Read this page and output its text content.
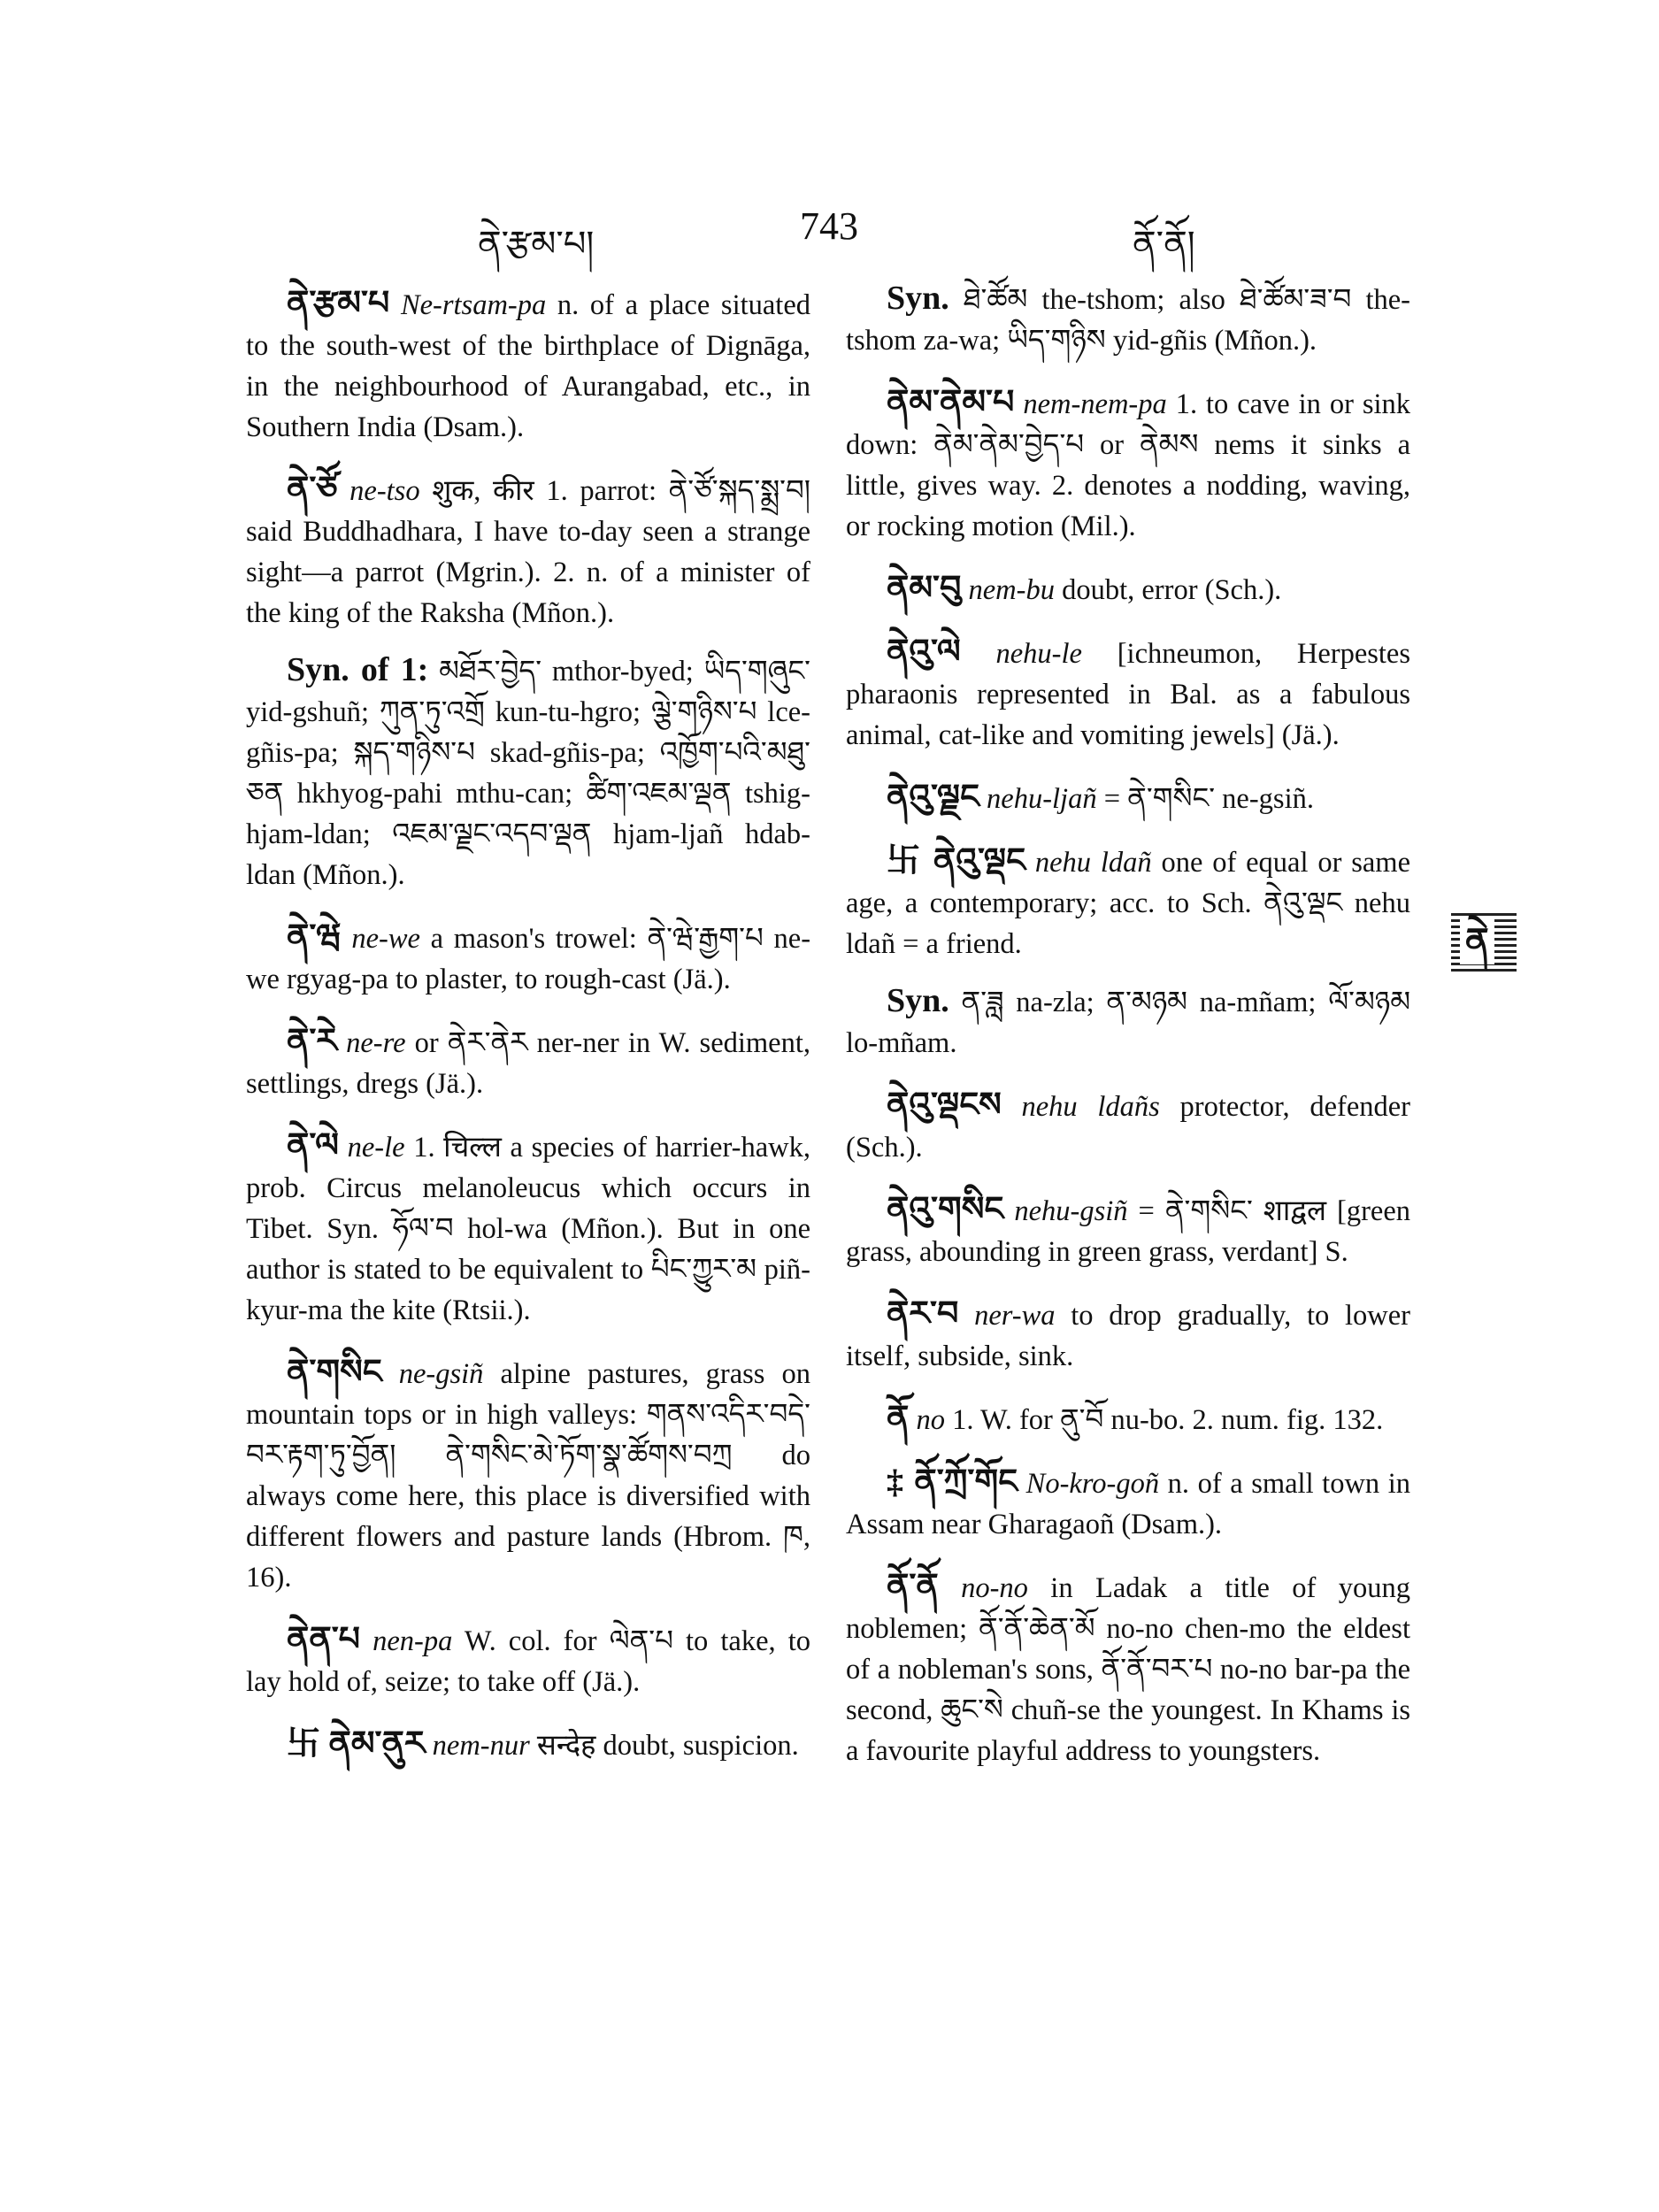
ནེ་རྩམ་པ།	743	ནོ་ནོ།

ནེ་རྩམ་པ Ne-rtsam-pa n. of a place situated to the south-west of the birthplace of Dignāga, in the neighbourhood of Aurangabad, etc., in Southern India (Dsam.).

ནེ་ཙོ ne-tso शुक, कीर 1. parrot: ནེ་ཙོ་སྐད་སྨྲ་བ། said Buddhadhara, I have to-day seen a strange sight—a parrot (Mgrin.). 2. n. of a minister of the king of the Raksha (Mñon.).

Syn. of 1: མཐོར་བྱེད་ mthor-byed; ཡིད་གཞུང་ yid-gshuñ; ཀུན་ཏུ་འགྲོ kun-tu-hgro; ལྕེ་གཉིས་པ lce-gñis-pa; སྐད་གཉིས་པ skad-gñis-pa; འཁྱོག་པའི་མཐུ་ཅན hkhyog-pahi mthu-can; ཚིག་འཇམ་ལྡན tshig-hjam-ldan; འཇམ་ལྗང་འདབ་ལྡན hjam-ljañ hdab-ldan (Mñon.).

ནེ་ཝེ ne-we a mason's trowel: ནེ་ཝེ་རྒྱག་པ ne-we rgyag-pa to plaster, to rough-cast (Jä.).

ནེ་རེ ne-re or ནེར་ནེར ner-ner in W. sediment, settlings, dregs (Jä.).

ནེ་ལེ ne-le 1. चिल्ल a species of harrier-hawk, prob. Circus melanoleucus which occurs in Tibet. Syn. ཧོལ་བ hol-wa (Mñon.). But in one author is stated to be equivalent to པིང་ཀྱུར་མ piñ-kyur-ma the kite (Rtsii.).

ནེ་གསིང ne-gsiñ alpine pastures, grass on mountain tops or in high valleys: གནས་འདིར་བདེ་བར་རྟག་ཏུ་བྱོན། ནེ་གསིང་མེ་ཏོག་སྣ་ཚོགས་བཀྲ do always come here, this place is diversified with different flowers and pasture lands (Hbrom. ཁ, 16).

ནེན་པ nen-pa W. col. for ལེན་པ to take, to lay hold of, seize; to take off (Jä.).

卐 ནེམ་ནུར nem-nur सन्देह doubt, suspicion.

Syn. ཐེ་ཚོམ the-tshom; also ཐེ་ཚོམ་ཟ་བ the-tshom za-wa; ཡིད་གཉིས yid-gñis (Mñon.).

ནེམ་ནེམ་པ nem-nem-pa 1. to cave in or sink down: ནེམ་ནེམ་བྱེད་པ or ནེམས nems it sinks a little, gives way. 2. denotes a nodding, waving, or rocking motion (Mil.).

ནེམ་བུ nem-bu doubt, error (Sch.).

ནེའུ་ལེ nehu-le [ichneumon, Herpestes pharaonis represented in Bal. as a fabulous animal, cat-like and vomiting jewels] (Jä.).

ནེའུ་ལྗང nehu-ljañ = ནེ་གསིང་ ne-gsiñ.

卐 ནེའུ་ལྡང nehu ldañ one of equal or same age, a contemporary; acc. to Sch. ནེའུ་ལྡང nehu ldañ = a friend.

Syn. ན་ཟླ na-zla; ན་མཉམ na-mñam; ལོ་མཉམ lo-mñam.

ནེའུ་ལྡངས nehu ldañs protector, defender (Sch.).

ནེའུ་གསིང nehu-gsiñ = ནེ་གསིང་ शाद्वल [green grass, abounding in green grass, verdant] S.

ནེར་བ ner-wa to drop gradually, to lower itself, subside, sink.

ནོ no 1. W. for ནུ་བོ nu-bo. 2. num. fig. 132.

‡ ནོ་ཀྲོ་གོང No-kro-goñ n. of a small town in Assam near Gharagaoñ (Dsam.).

ནོ་ནོ no-no in Ladak a title of young noblemen; ནོ་ནོ་ཆེན་མོ no-no chen-mo the eldest of a nobleman's sons, ནོ་ནོ་བར་པ no-no bar-pa the second, ཆུང་སེ chuñ-se the youngest. In Khams is a favourite playful address to youngsters.

ནེ
